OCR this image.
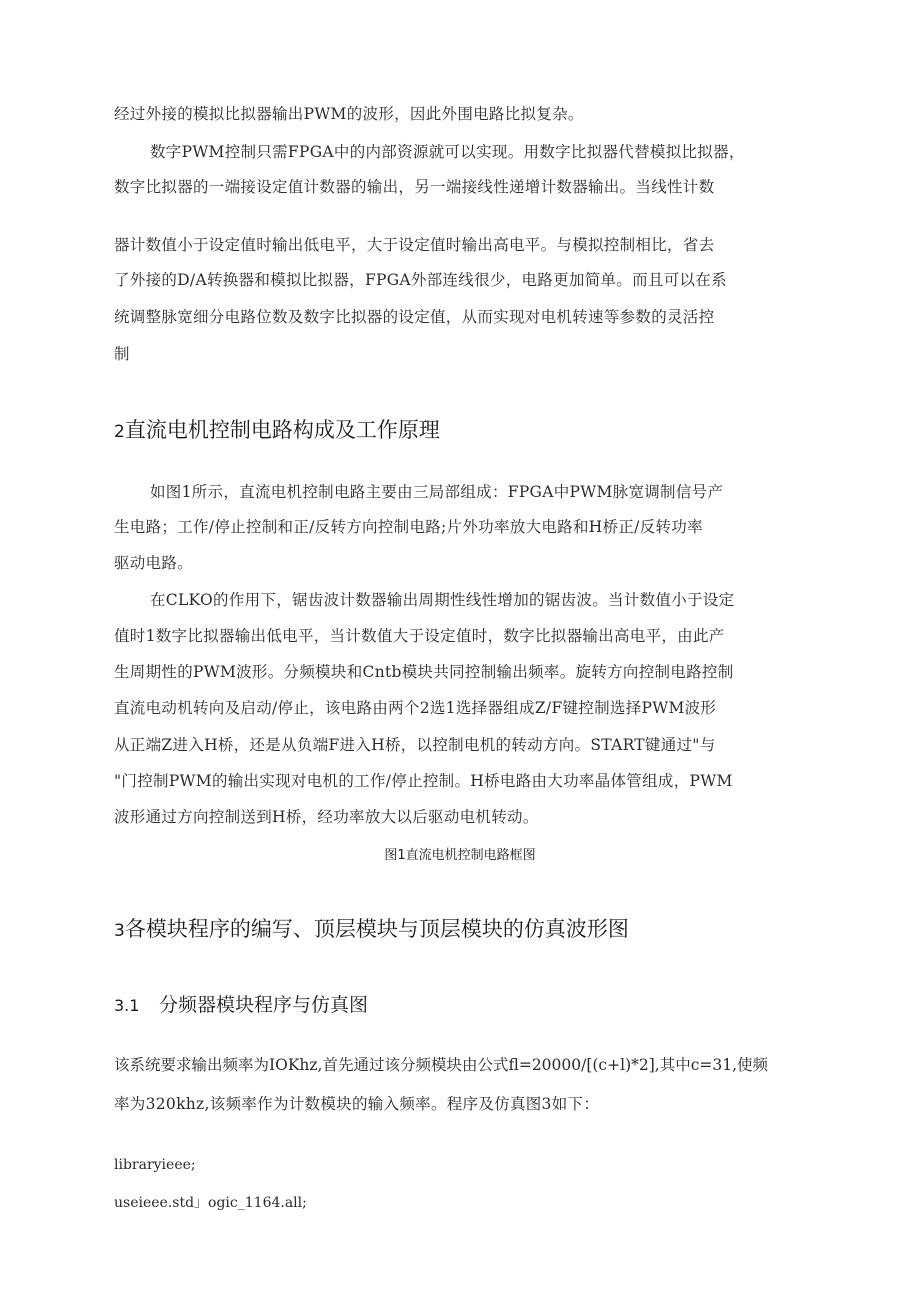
经过外接的模拟比拟器输出PWM的波形，因此外围电路比拟复杂。
数字PWM控制只需FPGA中的内部资源就可以实现。用数字比拟器代替模拟比拟器，
数字比拟器的一端接设定值计数器的输出，另一端接线性递增计数器输出。当线性计数
器计数值小于设定值时输出低电平，大于设定值时输出高电平。与模拟控制相比，省去
了外接的D/A转换器和模拟比拟器，FPGA外部连线很少，电路更加简单。而且可以在系
统调整脉宽细分电路位数及数字比拟器的设定值，从而实现对电机转速等参数的灵活控
制
2直流电机控制电路构成及工作原理
如图1所示，直流电机控制电路主要由三局部组成：FPGA中PWM脉宽调制信号产
生电路；工作/停止控制和正/反转方向控制电路;片外功率放大电路和H桥正/反转功率
驱动电路。
在CLKO的作用下，锯齿波计数器输出周期性线性增加的锯齿波。当计数值小于设定
值时1数字比拟器输出低电平，当计数值大于设定值时，数字比拟器输出高电平，由此产
生周期性的PWM波形。分频模块和Cntb模块共同控制输出频率。旋转方向控制电路控制
直流电动机转向及启动/停止，该电路由两个2选1选择器组成Z/F键控制选择PWM波形
从正端Z进入H桥，还是从负端F进入H桥，以控制电机的转动方向。START键通过"与
"门控制PWM的输出实现对电机的工作/停止控制。H桥电路由大功率晶体管组成，PWM
波形通过方向控制送到H桥，经功率放大以后驱动电机转动。
图1直流电机控制电路框图
3各模块程序的编写、顶层模块与顶层模块的仿真波形图
3.1 分频器模块程序与仿真图
该系统要求输出频率为IOKhz,首先通过该分频模块由公式fl=20000/[(c+l)*2],其中c=31,使频
率为320khz,该频率作为计数模块的输入频率。程序及仿真图3如下：
libraryieee;
useieee.std」ogic_1164.all;
